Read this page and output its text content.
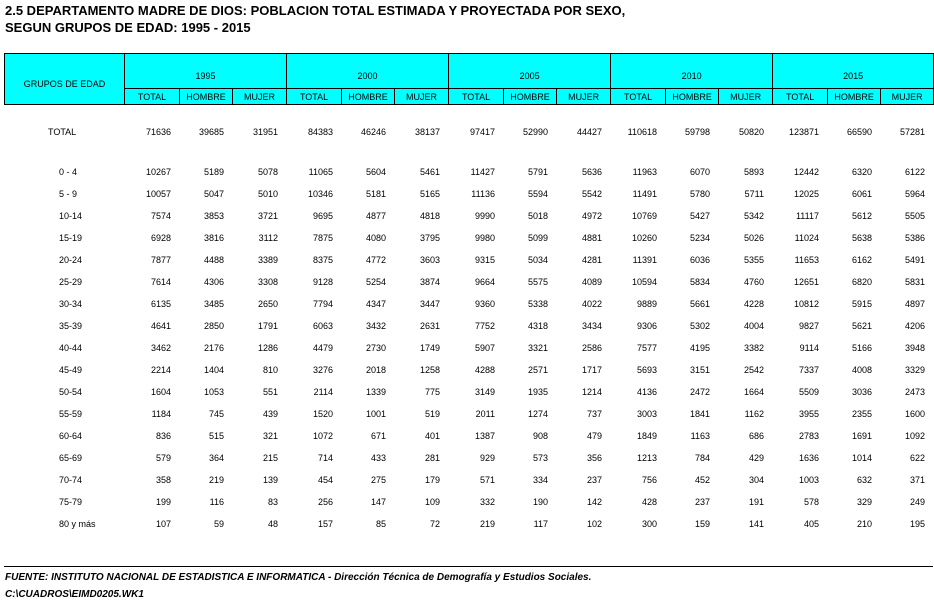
2.5 DEPARTAMENTO MADRE DE DIOS: POBLACION TOTAL ESTIMADA Y PROYECTADA POR SEXO,
SEGUN GRUPOS DE EDAD: 1995 - 2015
GRUPOS DE EDAD	1995			2000			2005			2010			2015		
	TOTAL	HOMBRE	MUJER	TOTAL	HOMBRE	MUJER	TOTAL	HOMBRE	MUJER	TOTAL	HOMBRE	MUJER	TOTAL	HOMBRE	MUJER
TOTAL	71636	39685	31951	84383	46246	38137	97417	52990	44427	110618	59798	50820	123871	66590	57281

0 - 4	10267	5189	5078	11065	5604	5461	11427	5791	5636	11963	6070	5893	12442	6320	6122
5 - 9	10057	5047	5010	10346	5181	5165	11136	5594	5542	11491	5780	5711	12025	6061	5964
10-14	7574	3853	3721	9695	4877	4818	9990	5018	4972	10769	5427	5342	11117	5612	5505
15-19	6928	3816	3112	7875	4080	3795	9980	5099	4881	10260	5234	5026	11024	5638	5386
20-24	7877	4488	3389	8375	4772	3603	9315	5034	4281	11391	6036	5355	11653	6162	5491
25-29	7614	4306	3308	9128	5254	3874	9664	5575	4089	10594	5834	4760	12651	6820	5831
30-34	6135	3485	2650	7794	4347	3447	9360	5338	4022	9889	5661	4228	10812	5915	4897
35-39	4641	2850	1791	6063	3432	2631	7752	4318	3434	9306	5302	4004	9827	5621	4206
40-44	3462	2176	1286	4479	2730	1749	5907	3321	2586	7577	4195	3382	9114	5166	3948
45-49	2214	1404	810	3276	2018	1258	4288	2571	1717	5693	3151	2542	7337	4008	3329
50-54	1604	1053	551	2114	1339	775	3149	1935	1214	4136	2472	1664	5509	3036	2473
55-59	1184	745	439	1520	1001	519	2011	1274	737	3003	1841	1162	3955	2355	1600
60-64	836	515	321	1072	671	401	1387	908	479	1849	1163	686	2783	1691	1092
65-69	579	364	215	714	433	281	929	573	356	1213	784	429	1636	1014	622
70-74	358	219	139	454	275	179	571	334	237	756	452	304	1003	632	371
75-79	199	116	83	256	147	109	332	190	142	428	237	191	578	329	249
80 y más	107	59	48	157	85	72	219	117	102	300	159	141	405	210	195
FUENTE: INSTITUTO NACIONAL DE ESTADISTICA E INFORMATICA - Dirección Técnica de Demografía y Estudios Sociales.
C:\CUADROS\EIMD0205.WK1
